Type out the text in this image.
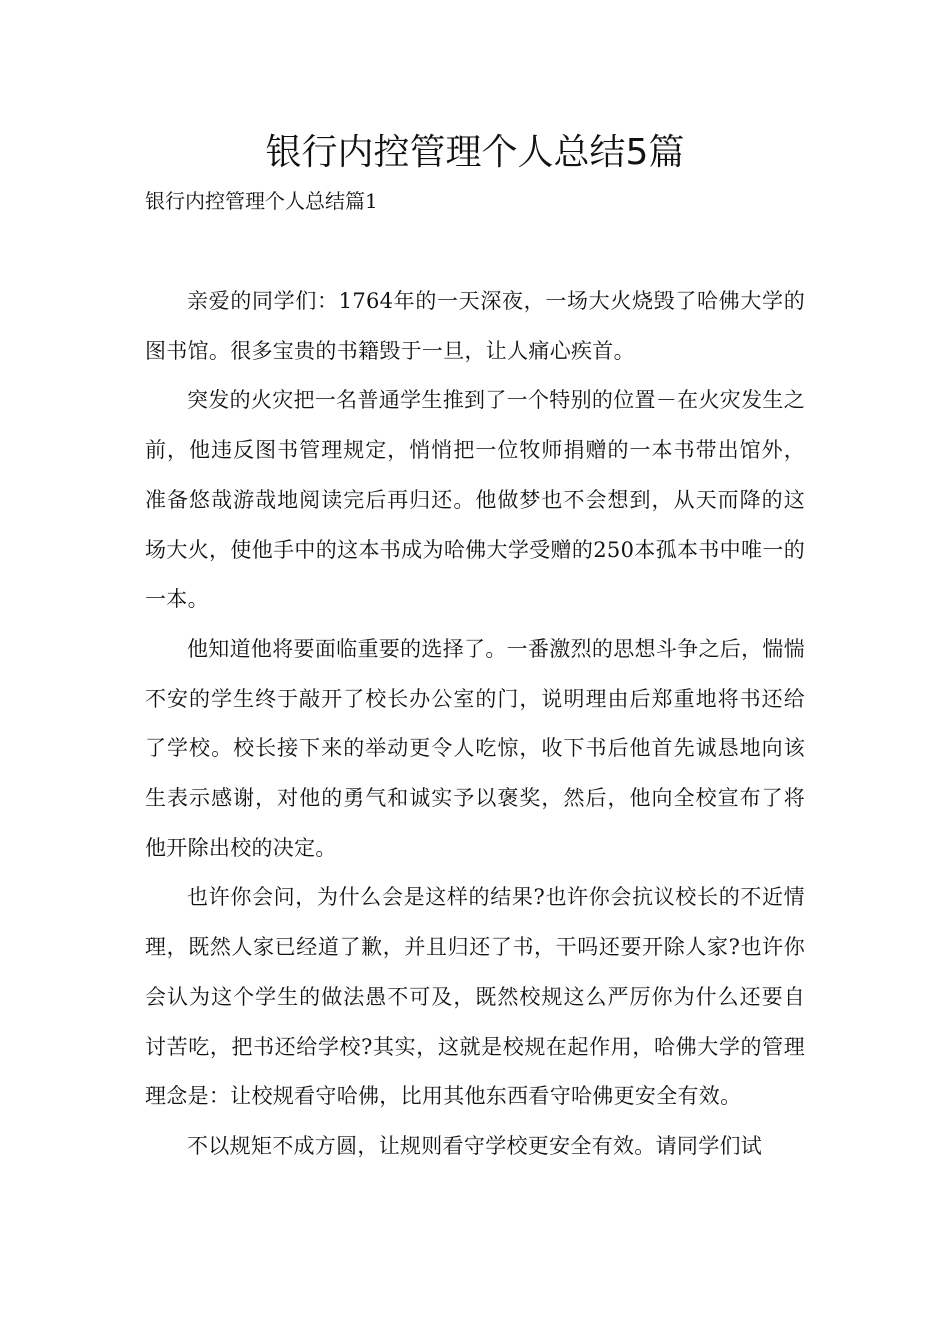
银行内控管理个人总结5篇
银行内控管理个人总结篇1

亲爱的同学们：1764年的一天深夜，一场大火烧毁了哈佛大学的图书馆。很多宝贵的书籍毁于一旦，让人痛心疾首。

突发的火灾把一名普通学生推到了一个特别的位置－在火灾发生之前，他违反图书管理规定，悄悄把一位牧师捐赠的一本书带出馆外，准备悠哉游哉地阅读完后再归还。他做梦也不会想到，从天而降的这场大火，使他手中的这本书成为哈佛大学受赠的250本孤本书中唯一的一本。

他知道他将要面临重要的选择了。一番激烈的思想斗争之后，惴惴不安的学生终于敲开了校长办公室的门，说明理由后郑重地将书还给了学校。校长接下来的举动更令人吃惊，收下书后他首先诚恳地向该生表示感谢，对他的勇气和诚实予以褒奖，然后，他向全校宣布了将他开除出校的决定。

也许你会问，为什么会是这样的结果?也许你会抗议校长的不近情理，既然人家已经道了歉，并且归还了书，干吗还要开除人家?也许你会认为这个学生的做法愚不可及，既然校规这么严厉你为什么还要自讨苦吃，把书还给学校?其实，这就是校规在起作用，哈佛大学的管理理念是：让校规看守哈佛，比用其他东西看守哈佛更安全有效。

不以规矩不成方圆，让规则看守学校更安全有效。请同学们试
